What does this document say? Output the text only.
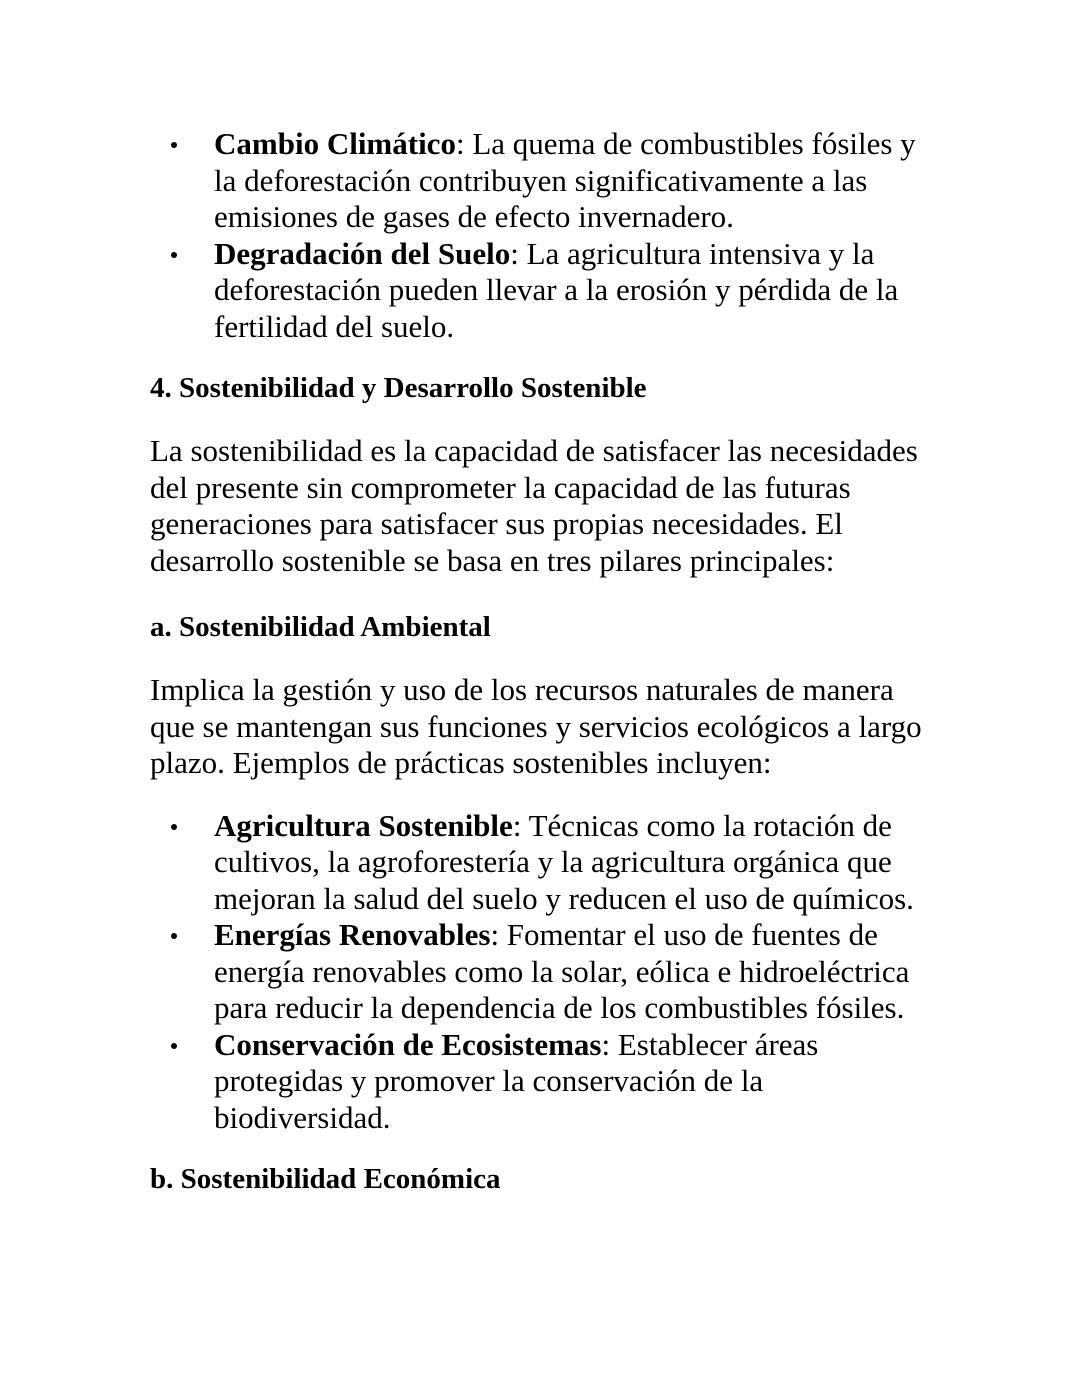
Cambio Climático: La quema de combustibles fósiles y la deforestación contribuyen significativamente a las emisiones de gases de efecto invernadero.
Degradación del Suelo: La agricultura intensiva y la deforestación pueden llevar a la erosión y pérdida de la fertilidad del suelo.
4. Sostenibilidad y Desarrollo Sostenible

La sostenibilidad es la capacidad de satisfacer las necesidades del presente sin comprometer la capacidad de las futuras generaciones para satisfacer sus propias necesidades. El desarrollo sostenible se basa en tres pilares principales:

a. Sostenibilidad Ambiental

Implica la gestión y uso de los recursos naturales de manera que se mantengan sus funciones y servicios ecológicos a largo plazo. Ejemplos de prácticas sostenibles incluyen:

Agricultura Sostenible: Técnicas como la rotación de cultivos, la agroforestería y la agricultura orgánica que mejoran la salud del suelo y reducen el uso de químicos.
Energías Renovables: Fomentar el uso de fuentes de energía renovables como la solar, eólica e hidroeléctrica para reducir la dependencia de los combustibles fósiles.
Conservación de Ecosistemas: Establecer áreas protegidas y promover la conservación de la biodiversidad.
b. Sostenibilidad Económica
